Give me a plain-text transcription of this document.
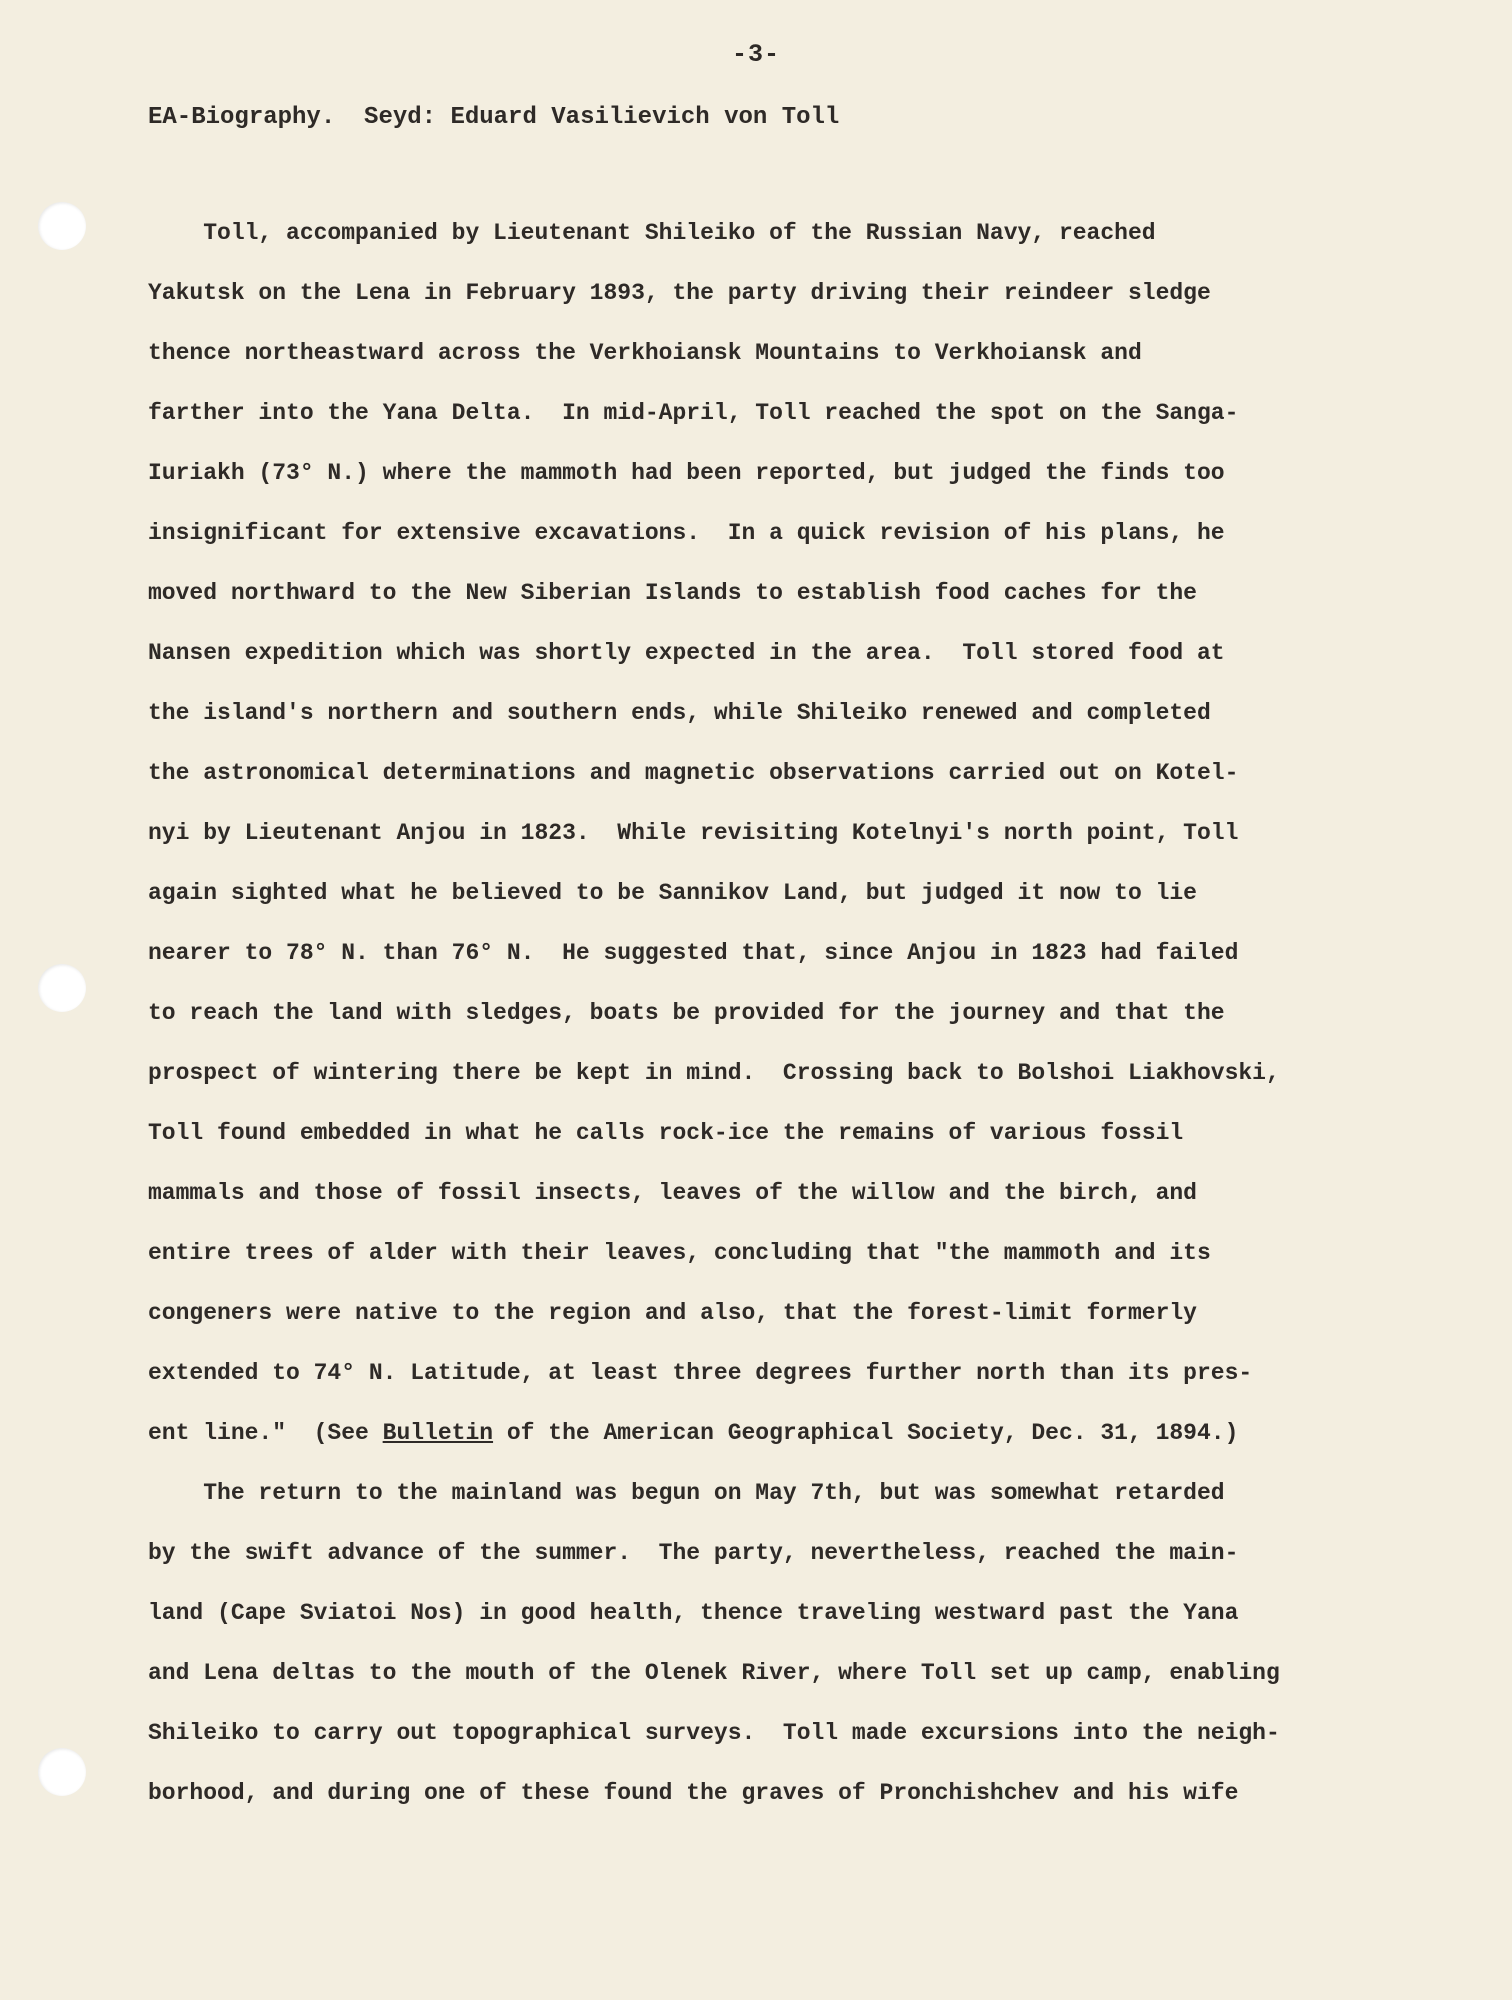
-3-
EA-Biography.  Seyd: Eduard Vasilievich von Toll
Toll, accompanied by Lieutenant Shileiko of the Russian Navy, reached
Yakutsk on the Lena in February 1893, the party driving their reindeer sledge
thence northeastward across the Verkhoiansk Mountains to Verkhoiansk and
farther into the Yana Delta.  In mid-April, Toll reached the spot on the Sanga-
Iuriakh (73° N.) where the mammoth had been reported, but judged the finds too
insignificant for extensive excavations.  In a quick revision of his plans, he
moved northward to the New Siberian Islands to establish food caches for the
Nansen expedition which was shortly expected in the area.  Toll stored food at
the island's northern and southern ends, while Shileiko renewed and completed
the astronomical determinations and magnetic observations carried out on Kotel-
nyi by Lieutenant Anjou in 1823.  While revisiting Kotelnyi's north point, Toll
again sighted what he believed to be Sannikov Land, but judged it now to lie
nearer to 78° N. than 76° N.  He suggested that, since Anjou in 1823 had failed
to reach the land with sledges, boats be provided for the journey and that the
prospect of wintering there be kept in mind.  Crossing back to Bolshoi Liakhovski,
Toll found embedded in what he calls rock-ice the remains of various fossil
mammals and those of fossil insects, leaves of the willow and the birch, and
entire trees of alder with their leaves, concluding that "the mammoth and its
congeners were native to the region and also, that the forest-limit formerly
extended to 74° N. Latitude, at least three degrees further north than its pres-
ent line."  (See Bulletin of the American Geographical Society, Dec. 31, 1894.)
The return to the mainland was begun on May 7th, but was somewhat retarded
by the swift advance of the summer.  The party, nevertheless, reached the main-
land (Cape Sviatoi Nos) in good health, thence traveling westward past the Yana
and Lena deltas to the mouth of the Olenek River, where Toll set up camp, enabling
Shileiko to carry out topographical surveys.  Toll made excursions into the neigh-
borhood, and during one of these found the graves of Pronchishchev and his wife
